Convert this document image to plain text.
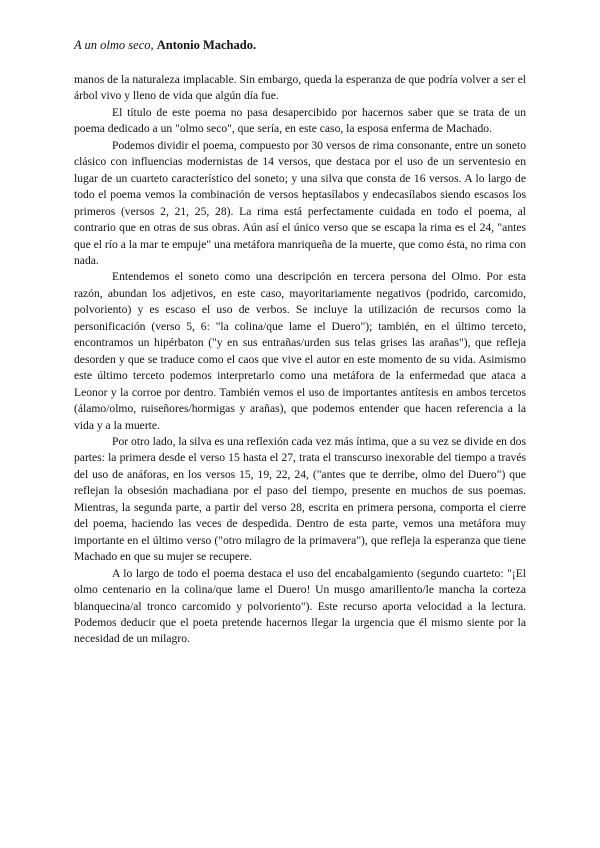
A un olmo seco, Antonio Machado.

manos de la naturaleza implacable. Sin embargo, queda la esperanza de que podría volver a ser el árbol vivo y lleno de vida que algún día fue.

El título de este poema no pasa desapercibido por hacernos saber que se trata de un poema dedicado a un "olmo seco", que sería, en este caso, la esposa enferma de Machado.

Podemos dividir el poema, compuesto por 30 versos de rima consonante, entre un soneto clásico con influencias modernistas de 14 versos, que destaca por el uso de un serventesio en lugar de un cuarteto característico del soneto; y una silva que consta de 16 versos. A lo largo de todo el poema vemos la combinación de versos heptasílabos y endecasílabos siendo escasos los primeros (versos 2, 21, 25, 28). La rima está perfectamente cuidada en todo el poema, al contrario que en otras de sus obras. Aún así el único verso que se escapa la rima es el 24, "antes que el río a la mar te empuje" una metáfora manriqueña de la muerte, que como ésta, no rima con nada.

Entendemos el soneto como una descripción en tercera persona del Olmo. Por esta razón, abundan los adjetivos, en este caso, mayoritariamente negativos (podrido, carcomido, polvoriento) y es escaso el uso de verbos. Se incluye la utilización de recursos como la personificación (verso 5, 6: "la colina/que lame el Duero"); también, en el último terceto, encontramos un hipérbaton ("y en sus entrañas/urden sus telas grises las arañas"), que refleja desorden y que se traduce como el caos que vive el autor en este momento de su vida. Asimismo este último terceto podemos interpretarlo como una metáfora de la enfermedad que ataca a Leonor y la corroe por dentro. También vemos el uso de importantes antítesis en ambos tercetos (álamo/olmo, ruiseñores/hormigas y arañas), que podemos entender que hacen referencia a la vida y a la muerte.

Por otro lado, la silva es una reflexión cada vez más íntima, que a su vez se divide en dos partes: la primera desde el verso 15 hasta el 27, trata el transcurso inexorable del tiempo a través del uso de anáforas, en los versos 15, 19, 22, 24, ("antes que te derribe, olmo del Duero") que reflejan la obsesión machadiana por el paso del tiempo, presente en muchos de sus poemas. Mientras, la segunda parte, a partir del verso 28, escrita en primera persona, comporta el cierre del poema, haciendo las veces de despedida. Dentro de esta parte, vemos una metáfora muy importante en el último verso ("otro milagro de la primavera"), que refleja la esperanza que tiene Machado en que su mujer se recupere.

A lo largo de todo el poema destaca el uso del encabalgamiento (segundo cuarteto: "¡El olmo centenario en la colina/que lame el Duero! Un musgo amarillento/le mancha la corteza blanquecina/al tronco carcomido y polvoriento"). Este recurso aporta velocidad a la lectura. Podemos deducir que el poeta pretende hacernos llegar la urgencia que él mismo siente por la necesidad de un milagro.
